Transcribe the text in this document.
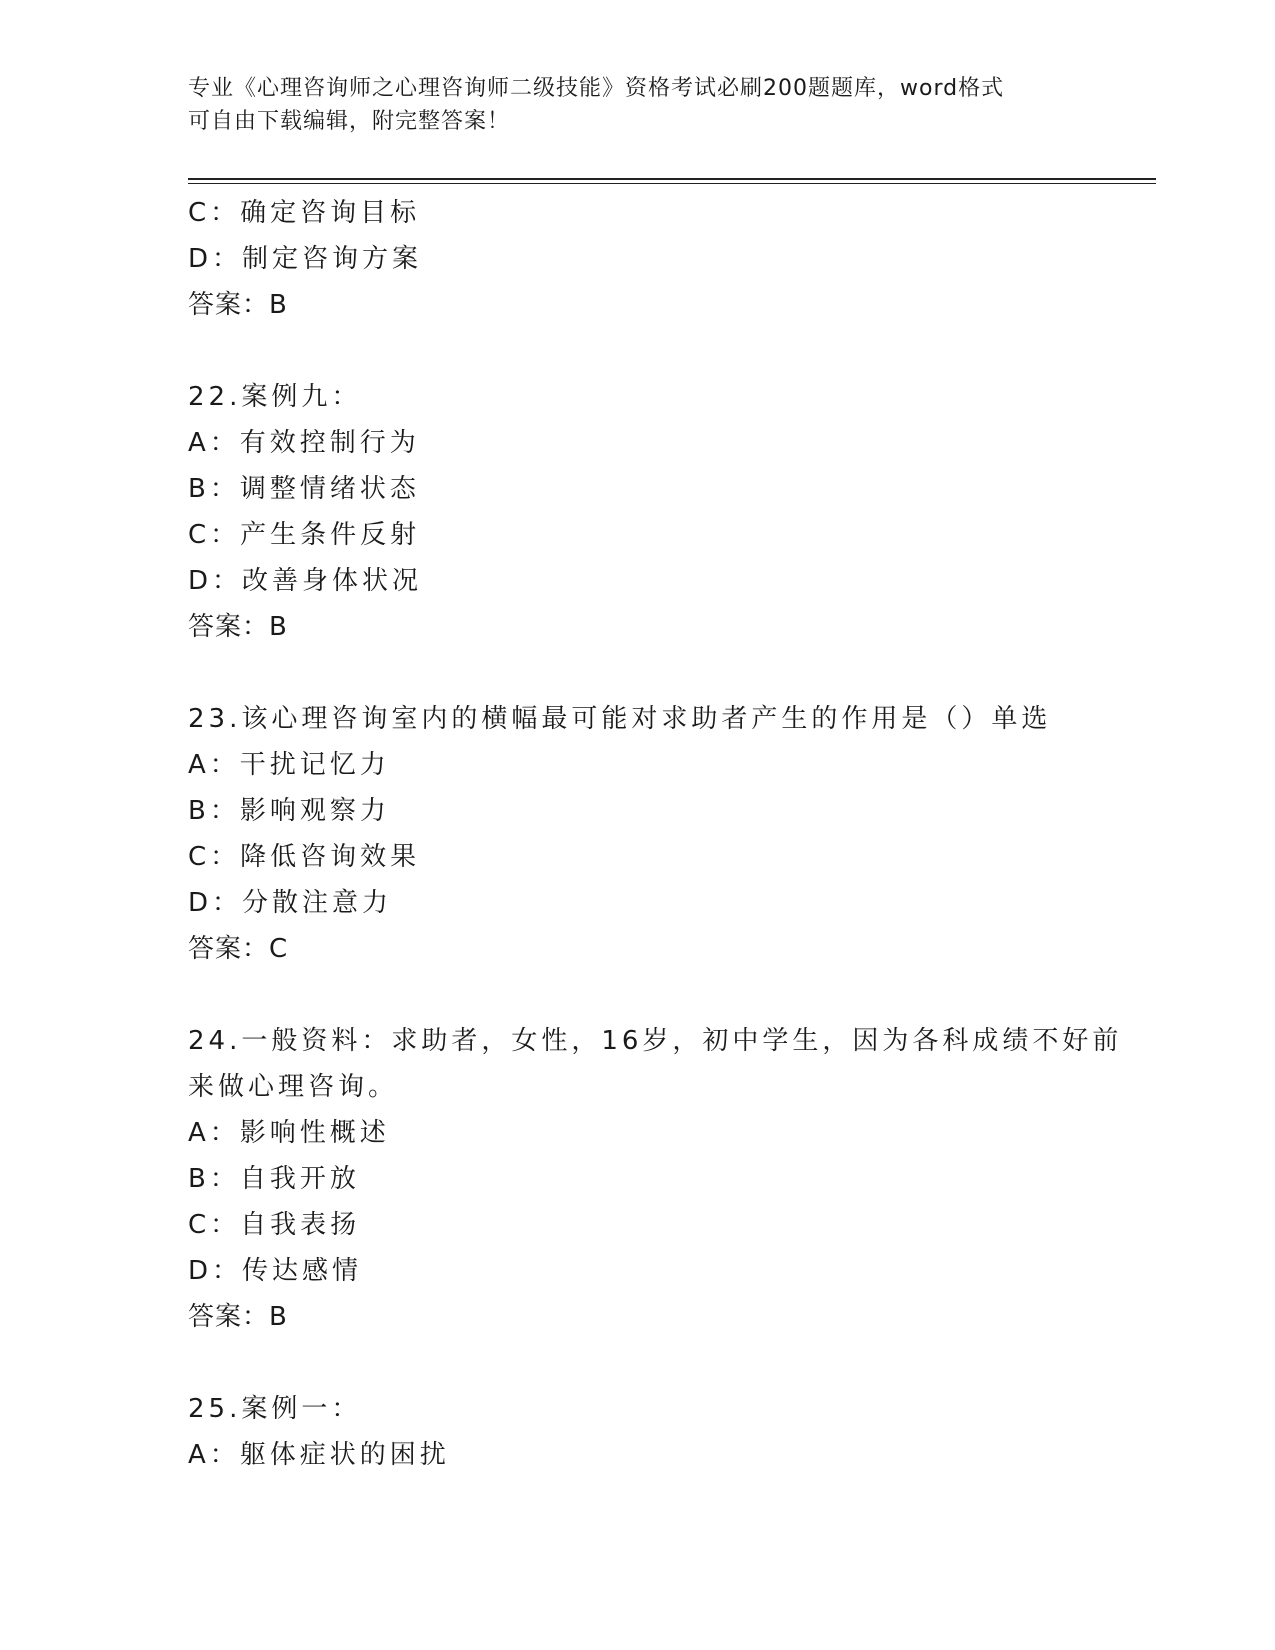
专业《心理咨询师之心理咨询师二级技能》资格考试必刷200题题库，word格式
可自由下载编辑，附完整答案！
C：确定咨询目标
D：制定咨询方案
答案：B
22.案例九：
A：有效控制行为
B：调整情绪状态
C：产生条件反射
D：改善身体状况
答案：B
23.该心理咨询室内的横幅最可能对求助者产生的作用是（）单选
A：干扰记忆力
B：影响观察力
C：降低咨询效果
D：分散注意力
答案：C
24.一般资料：求助者，女性，16岁，初中学生，因为各科成绩不好前
来做心理咨询。
A：影响性概述
B：自我开放
C：自我表扬
D：传达感情
答案：B
25.案例一：
A：躯体症状的困扰
